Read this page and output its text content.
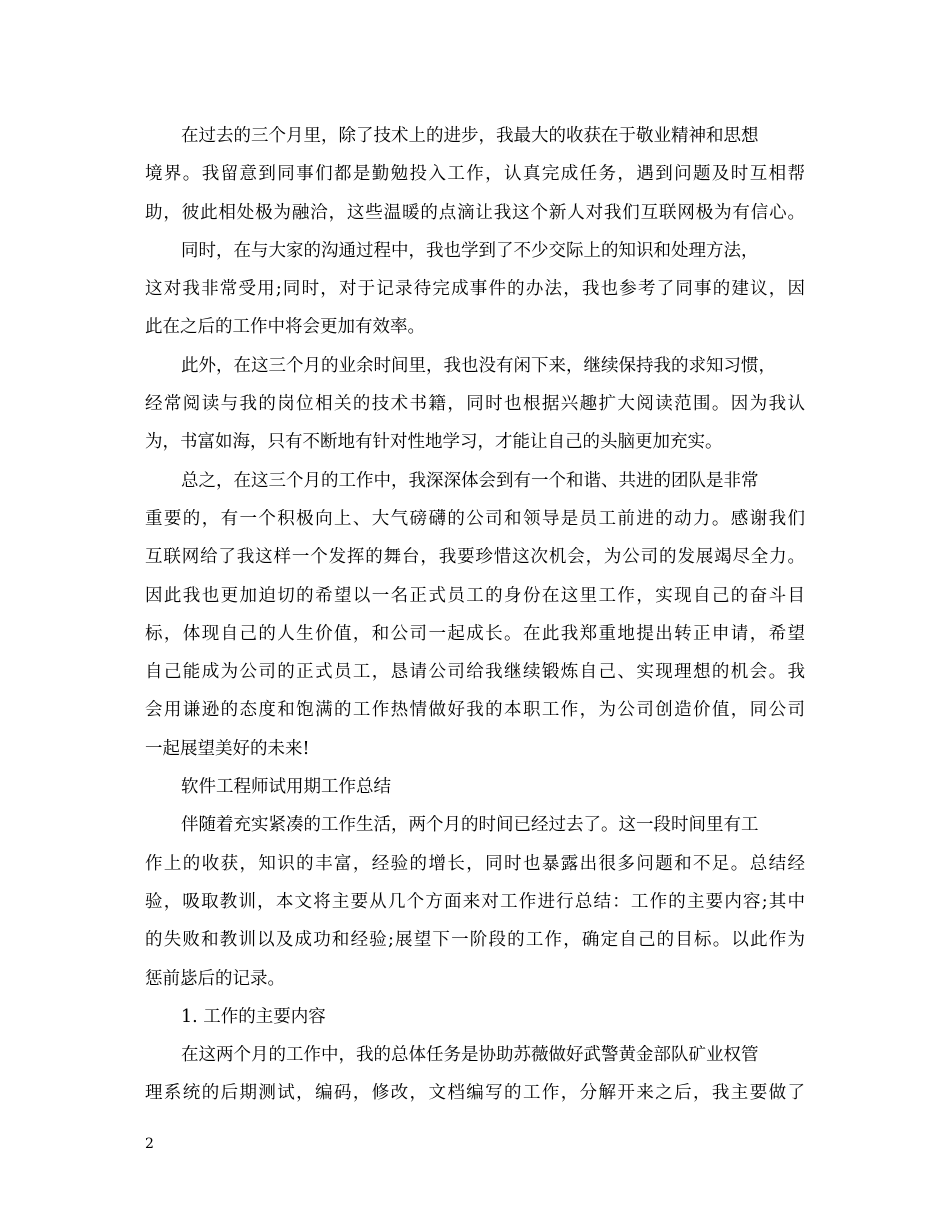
在过去的三个月里，除了技术上的进步，我最大的收获在于敬业精神和思想
境界。我留意到同事们都是勤勉投入工作，认真完成任务，遇到问题及时互相帮
助，彼此相处极为融洽，这些温暖的点滴让我这个新人对我们互联网极为有信心。
同时，在与大家的沟通过程中，我也学到了不少交际上的知识和处理方法，
这对我非常受用;同时，对于记录待完成事件的办法，我也参考了同事的建议，因
此在之后的工作中将会更加有效率。
此外，在这三个月的业余时间里，我也没有闲下来，继续保持我的求知习惯，
经常阅读与我的岗位相关的技术书籍，同时也根据兴趣扩大阅读范围。因为我认
为，书富如海，只有不断地有针对性地学习，才能让自己的头脑更加充实。
总之，在这三个月的工作中，我深深体会到有一个和谐、共进的团队是非常
重要的，有一个积极向上、大气磅礴的公司和领导是员工前进的动力。感谢我们
互联网给了我这样一个发挥的舞台，我要珍惜这次机会，为公司的发展竭尽全力。
因此我也更加迫切的希望以一名正式员工的身份在这里工作，实现自己的奋斗目
标，体现自己的人生价值，和公司一起成长。在此我郑重地提出转正申请，希望
自己能成为公司的正式员工，恳请公司给我继续锻炼自己、实现理想的机会。我
会用谦逊的态度和饱满的工作热情做好我的本职工作，为公司创造价值，同公司
一起展望美好的未来!
软件工程师试用期工作总结
伴随着充实紧凑的工作生活，两个月的时间已经过去了。这一段时间里有工
作上的收获，知识的丰富，经验的增长，同时也暴露出很多问题和不足。总结经
验，吸取教训，本文将主要从几个方面来对工作进行总结：工作的主要内容;其中
的失败和教训以及成功和经验;展望下一阶段的工作，确定自己的目标。以此作为
惩前毖后的记录。
1. 工作的主要内容
在这两个月的工作中，我的总体任务是协助苏薇做好武警黄金部队矿业权管
理系统的后期测试，编码，修改，文档编写的工作，分解开来之后，我主要做了
2
